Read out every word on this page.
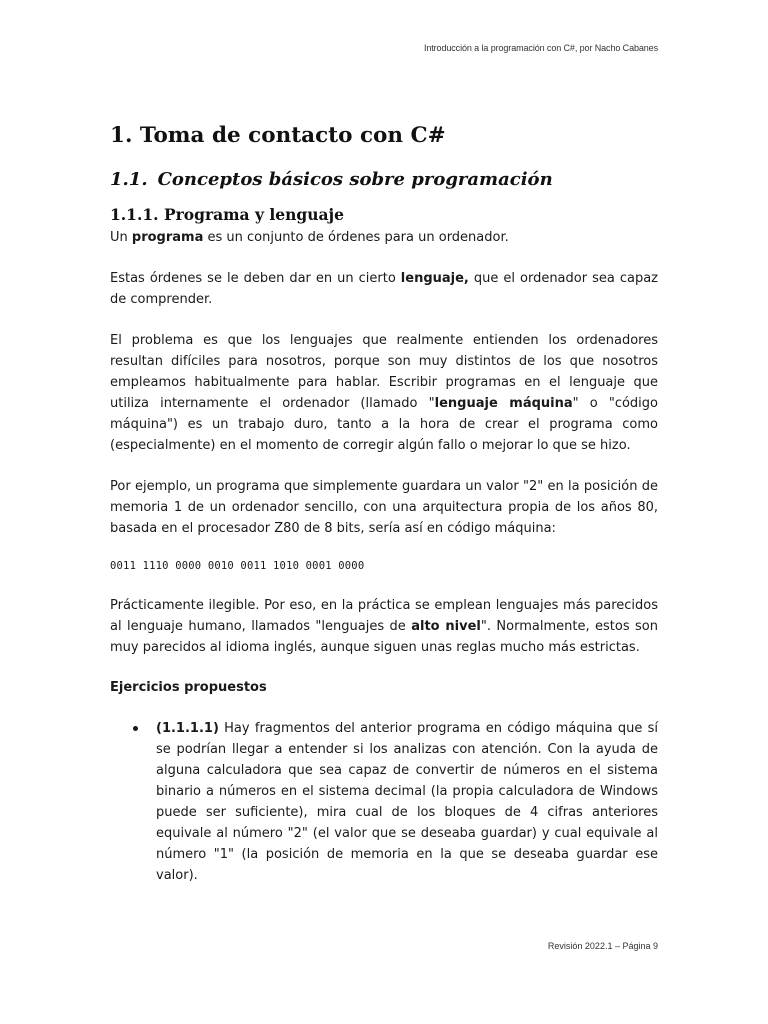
Introducción a la programación con C#, por Nacho Cabanes
1. Toma de contacto con C#
1.1. Conceptos básicos sobre programación
1.1.1. Programa y lenguaje

Un programa es un conjunto de órdenes para un ordenador.

Estas órdenes se le deben dar en un cierto lenguaje, que el ordenador sea capaz de comprender.

El problema es que los lenguajes que realmente entienden los ordenadores resultan difíciles para nosotros, porque son muy distintos de los que nosotros empleamos habitualmente para hablar. Escribir programas en el lenguaje que utiliza internamente el ordenador (llamado "lenguaje máquina" o "código máquina") es un trabajo duro, tanto a la hora de crear el programa como (especialmente) en el momento de corregir algún fallo o mejorar lo que se hizo.

Por ejemplo, un programa que simplemente guardara un valor "2" en la posición de memoria 1 de un ordenador sencillo, con una arquitectura propia de los años 80, basada en el procesador Z80 de 8 bits, sería así en código máquina:

0011 1110 0000 0010 0011 1010 0001 0000

Prácticamente ilegible. Por eso, en la práctica se emplean lenguajes más parecidos al lenguaje humano, llamados "lenguajes de alto nivel". Normalmente, estos son muy parecidos al idioma inglés, aunque siguen unas reglas mucho más estrictas.

Ejercicios propuestos
(1.1.1.1) Hay fragmentos del anterior programa en código máquina que sí se podrían llegar a entender si los analizas con atención. Con la ayuda de alguna calculadora que sea capaz de convertir de números en el sistema binario a números en el sistema decimal (la propia calculadora de Windows puede ser suficiente), mira cual de los bloques de 4 cifras anteriores equivale al número "2" (el valor que se deseaba guardar) y cual equivale al número "1" (la posición de memoria en la que se deseaba guardar ese valor).
Revisión 2022.1 – Página 9
